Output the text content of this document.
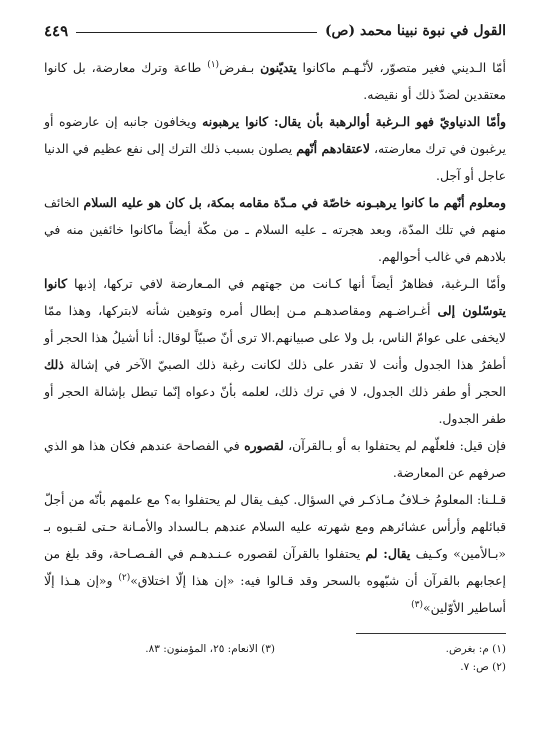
القول في نبوة نبينا محمد (ص)
٤٤٩

أمّا الـديني فغير متصوّر، لأنّـهـم ماكانوا يتديّنون بـفرض$^{(١)}$ طاعة وترك معارضة، بل كانوا معتقدين لضدّ ذلك أو نقيضه.

وأمّا الدنياويّ فهو الـرغبة أوالرهبة بأن يقال: كانوا يرهبونه ويخافون جانبه إن عارضوه أو يرغبون في ترك معارضته، لاعتقادهم أنّهم يصلون بسبب ذلك الترك إلى نفع عظيم في الدنيا عاجل أو آجل.

ومعلوم أنّهم ما كانوا يرهبـونه خاصّة في مـدّة مقامه بمكة، بل كان هو عليه السلام الخائف منهم في تلك المدّة، وبعد هجرته ـ عليه السلام ـ من مكّة أيضاً ماكانوا خائفين منه في بلادهم في غالب أحوالهم.

وأمّا الـرغبة، فظاهرٌ أيضاً أنها كـانت من جهتهم في المـعارضة لافي تركها، إذبها كانوا يتوسّلون إلى أغـراضـهم ومقاصدهـم مـن إبطال أمره وتوهين شأنه لابتركها، وهذا ممّا لايخفى على عوامّ الناس، بل ولا على صبيانهم.الا ترى أنّ صبيّاً لوقال: أنا أشيلُ هذا الحجر أو أطفرُ هذا الجدول وأنت لا تقدر على ذلك لكانت رغبة ذلك الصبيّ الآخر في إشالة ذلك الحجر أو طفر ذلك الجدول، لا في ترك ذلك، لعلمه بأنّ دعواه إنّما تبطل بإشالة الحجر أو طفر الجدول.

فإن قيل: فلعلّهم لم يحتفلوا به أو بـالقرآن، لقصوره في الفصاحة عندهم فكان هذا هو الذي صرفهم عن المعارضة.

قـلـنا: المعلومُ خـلافُ مـاذكـر في السؤال. كيف يقال لم يحتفلوا به؟ مع علمهم بأنّه من أجلّ قبائلهم وأرأس عشائرهم ومع شهرته عليه السلام عندهم بـالسداد والأمـانة حـتى لقـبوه بـ «بـالأمين» وكـيف يقال: لم يحتفلوا بالقرآن لقصوره عـنـدهـم في الفـصـاحة، وقد بلغ من إعجابهم بالقرآن أن شبّهوه بالسحر وقد قـالوا فيه: «إن هذا إلّا اختلاق»$^{(٢)}$ و«إن هـذا إلّا أساطير الأوّلين»$^{(٣)}$

(١) م: بغرض.
(٣) الانعام: ٢٥، المؤمنون: ٨٣.
(٢) ص: ٧.
